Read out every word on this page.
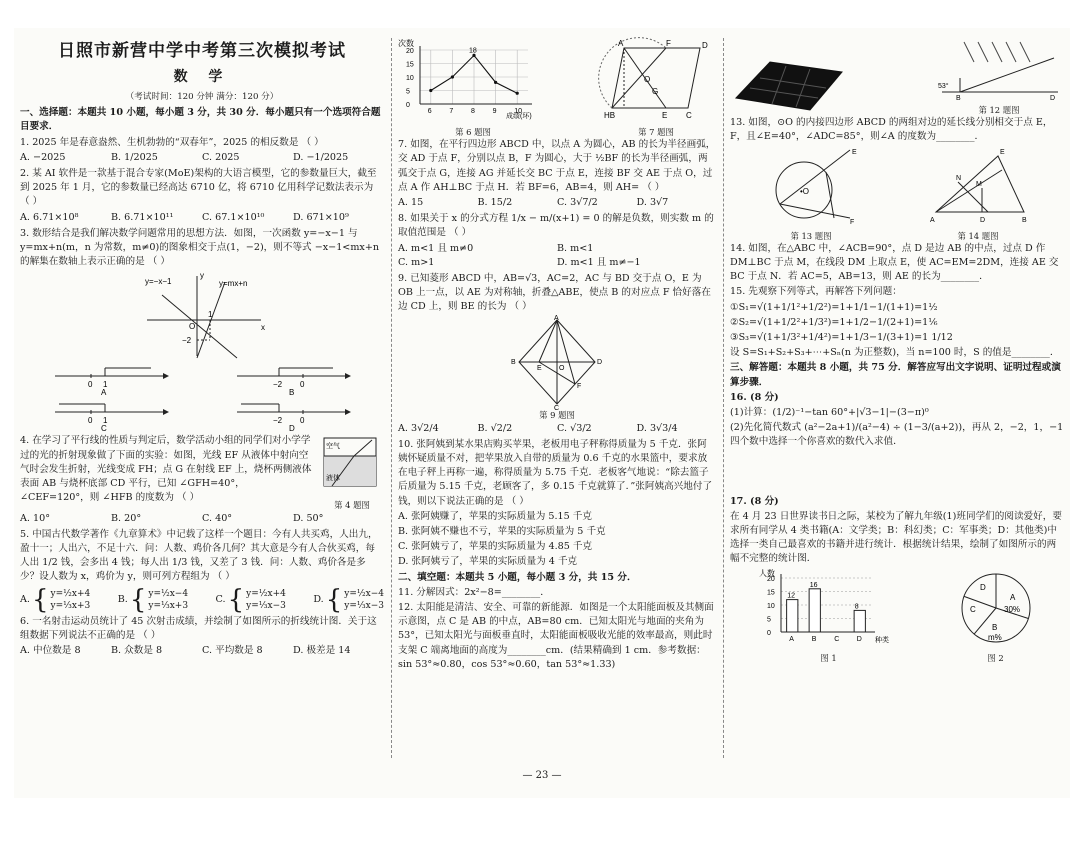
日照市新营中学中考第三次模拟考试
数 学
（考试时间：120 分钟 满分：120 分）

一、选择题：本题共 10 小题，每小题 3 分，共 30 分．每小题只有一个选项符合题目要求．

1. 2025 年是春意盎然、生机勃勃的“双春年”，2025 的相反数是 （ ）

A. −2025	B. 1/2025	C. 2025	D. −1/2025

2. 某 AI 软件是一款基于混合专家(MoE)架构的大语言模型，它的参数量巨大，截至到 2025 年 1 月，它的参数量已经高达 6710 亿，将 6710 亿用科学记数法表示为 （ ）

A. 6.71×10⁸	B. 6.71×10¹¹	C. 67.1×10¹⁰	D. 671×10⁹

3. 数形结合是我们解决数学问题常用的思想方法．如图，一次函数 y=−x−1 与 y=mx+n(m，n 为常数，m≠0)的图象相交于点(1，−2)，则不等式 −x−1<mx+n 的解集在数轴上表示正确的是 （ ）

y=−x−1	y=mx+n
x
y
O
1
−2
0 1
A
−2 0
B
0 1
C
−2 0
D

4. 在学习了平行线的性质与判定后，数学活动小组的同学们对小学学过的光的折射现象做了下面的实验：如图，光线 EF 从液体中射向空气时会发生折射，光线变成 FH；点 G 在射线 EF 上，烧杯两侧液体表面 AB 与烧杯底部 CD 平行，已知 ∠GFH=40°，∠CEF=120°，则 ∠HFB 的度数为 （ ）

空气
液体
第 4 题图
A. 10°	B. 20°	C. 40°	D. 50°

5. 中国古代数学著作《九章算术》中记载了这样一个题目：今有人共买鸡，人出九，盈十一；人出六，不足十六．问：人数、鸡价各几何？其大意是今有人合伙买鸡，每人出 1/2 钱，会多出 4 钱；每人出 1/3 钱，又差了 3 钱．问：人数、鸡价各是多少？设人数为 x，鸡价为 y，则可列方程组为 （ ）

A. { y=½x+4
y=⅓x+3
B. { y=½x−4
y=⅓x+3
C. { y=½x+4
y=⅓x−3
D. { y=½x−4
y=⅓x−3

6. 一名射击运动员统计了 45 次射击成绩，并绘制了如图所示的折线统计图．关于这组数据下列说法不正确的是 （ ）

A. 中位数是 8	B. 众数是 8	C. 平均数是 8	D. 极差是 14
次数
成绩(环)
20
15
10
5
0
6	7	8	9	10
18
第 6 题图
A	D
F
HB	E C
O
G
第 7 题图

7. 如图，在平行四边形 ABCD 中，以点 A 为圆心，AB 的长为半径画弧，交 AD 于点 F，分别以点 B，F 为圆心，大于 ½BF 的长为半径画弧，两弧交于点 G，连接 AG 并延长交 BC 于点 E，连接 BF 交 AE 于点 O，过点 A 作 AH⊥BC 于点 H．若 BF=6，AB=4，则 AH= （ ）

A. 15	B. 15/2	C. 3√7/2	D. 3√7

8. 如果关于 x 的分式方程 1/x − m/(x+1) = 0 的解是负数，则实数 m 的取值范围是 （ ）

A. m<1 且 m≠0	B. m<1
C. m>1	D. m<1 且 m≠−1

9. 已知菱形 ABCD 中，AB=√3，AC=2，AC 与 BD 交于点 O，E 为 OB 上一点，以 AE 为对称轴，折叠△ABE，使点 B 的对应点 F 恰好落在边 CD 上，则 BE 的长为 （ ）

A
B	D
C
E O
F
第 9 题图
A. 3√2/4	B. √2/2	C. √3/2	D. 3√3/4

10. 张阿姨到某水果店购买苹果，老板用电子秤称得质量为 5 千克．张阿姨怀疑质量不对，把苹果放入自带的质量为 0.6 千克的水果篮中，要求放在电子秤上再称一遍，称得质量为 5.75 千克．老板客气地说：“除去篮子后质量为 5.15 千克，老顾客了，多 0.15 千克就算了．”张阿姨高兴地付了钱，则以下说法正确的是 （ ）

A. 张阿姨赚了，苹果的实际质量为 5.15 千克

B. 张阿姨不赚也不亏，苹果的实际质量为 5 千克

C. 张阿姨亏了，苹果的实际质量为 4.85 千克

D. 张阿姨亏了，苹果的实际质量为 4 千克

二、填空题：本题共 5 小题，每小题 3 分，共 15 分．

11. 分解因式：2x²−8=________．

12. 太阳能是清洁、安全、可靠的新能源．如图是一个太阳能面板及其侧面示意图，点 C 是 AB 的中点，AB=80 cm．已知太阳光与地面的夹角为 53°，已知太阳光与面板垂直时，太阳能面板吸收光能的效率最高，则此时支架 C 端离地面的高度为________cm．(结果精确到 1 cm．参考数据：sin 53°≈0.80，cos 53°≈0.60，tan 53°≈1.33)

53°
B	D
第 12 题图

13. 如图，⊙O 的内接四边形 ABCD 的两组对边的延长线分别相交于点 E，F，且∠E=40°，∠ADC=85°，则∠A 的度数为________．

•O
E
F
第 13 题图
A	B
E
N
M
D
第 14 题图

14. 如图，在△ABC 中，∠ACB=90°，点 D 是边 AB 的中点，过点 D 作 DM⊥BC 于点 M，在线段 DM 上取点 E，使 AC=EM=2DM，连接 AE 交 BC 于点 N．若 AC=5，AB=13，则 AE 的长为________．

15. 先观察下列等式，再解答下列问题：

①S₁=√(1+1/1²+1/2²)=1+1/1−1/(1+1)=1½

②S₂=√(1+1/2²+1/3²)=1+1/2−1/(2+1)=1⅙

③S₃=√(1+1/3²+1/4²)=1+1/3−1/(3+1)=1 1/12

设 S=S₁+S₂+S₃+⋯+Sₙ(n 为正整数)，当 n=100 时，S 的值是________．

三、解答题：本题共 8 小题，共 75 分．解答应写出文字说明、证明过程或演算步骤．

16. (8 分)

(1)计算：(1/2)⁻¹−tan 60°+|√3−1|−(3−π)⁰

(2)先化简代数式 (a²−2a+1)/(a²−4) ÷ (1−3/(a+2))，再从 2，−2，1，−1 四个数中选择一个你喜欢的数代入求值．

17. (8 分)

在 4 月 23 日世界读书日之际，某校为了解九年级(1)班同学们的阅读爱好，要求所有同学从 4 类书籍(A：文学类；B：科幻类；C：军事类；D：其他类)中选择一类自己最喜欢的书籍并进行统计．根据统计结果，绘制了如图所示的两幅不完整的统计图．

人数
种类
20
15
10
5
0
A
12
B
16
C D
8
图 1
A
30%
B
m%
C
D
图 2
— 23 —
